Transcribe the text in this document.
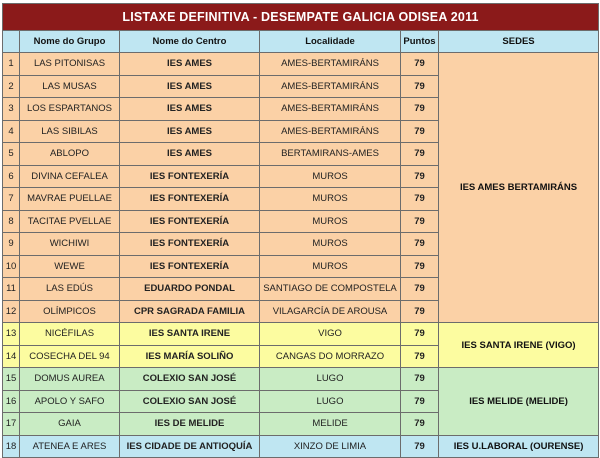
LISTAXE DEFINITIVA - DESEMPATE GALICIA ODISEA 2011					
	Nome do Grupo	Nome do Centro	Localidade	Puntos	SEDES
1	LAS PITONISAS	IES AMES	AMES-BERTAMIRÁNS	79	IES AMES BERTAMIRÁNS
2	LAS MUSAS	IES AMES	AMES-BERTAMIRÁNS	79	
3	LOS ESPARTANOS	IES AMES	AMES-BERTAMIRÁNS	79	
4	LAS SIBILAS	IES AMES	AMES-BERTAMIRÁNS	79	
5	ABLOPO	IES AMES	BERTAMIRANS-AMES	79	
6	DIVINA CEFALEA	IES FONTEXERÍA	MUROS	79	
7	MAVRAE PUELLAE	IES FONTEXERÍA	MUROS	79	
8	TACITAE PVELLAE	IES FONTEXERÍA	MUROS	79	
9	WICHIWI	IES FONTEXERÍA	MUROS	79	
10	WEWE	IES FONTEXERÍA	MUROS	79	
11	LAS EDÚS	EDUARDO PONDAL	SANTIAGO DE COMPOSTELA	79	
12	OLÍMPICOS	CPR SAGRADA FAMILIA	VILAGARCÍA DE AROUSA	79	
13	NICÉFILAS	IES SANTA IRENE	VIGO	79	IES SANTA IRENE (VIGO)
14	COSECHA DEL 94	IES MARÍA SOLIÑO	CANGAS DO MORRAZO	79	
15	DOMUS AUREA	COLEXIO SAN JOSÉ	LUGO	79	IES MELIDE (MELIDE)
16	APOLO Y SAFO	COLEXIO SAN JOSÉ	LUGO	79	
17	GAIA	IES DE MELIDE	MELIDE	79	
18	ATENEA E ARES	IES CIDADE DE ANTIOQUÍA	XINZO DE LIMIA	79	IES U.LABORAL (OURENSE)
